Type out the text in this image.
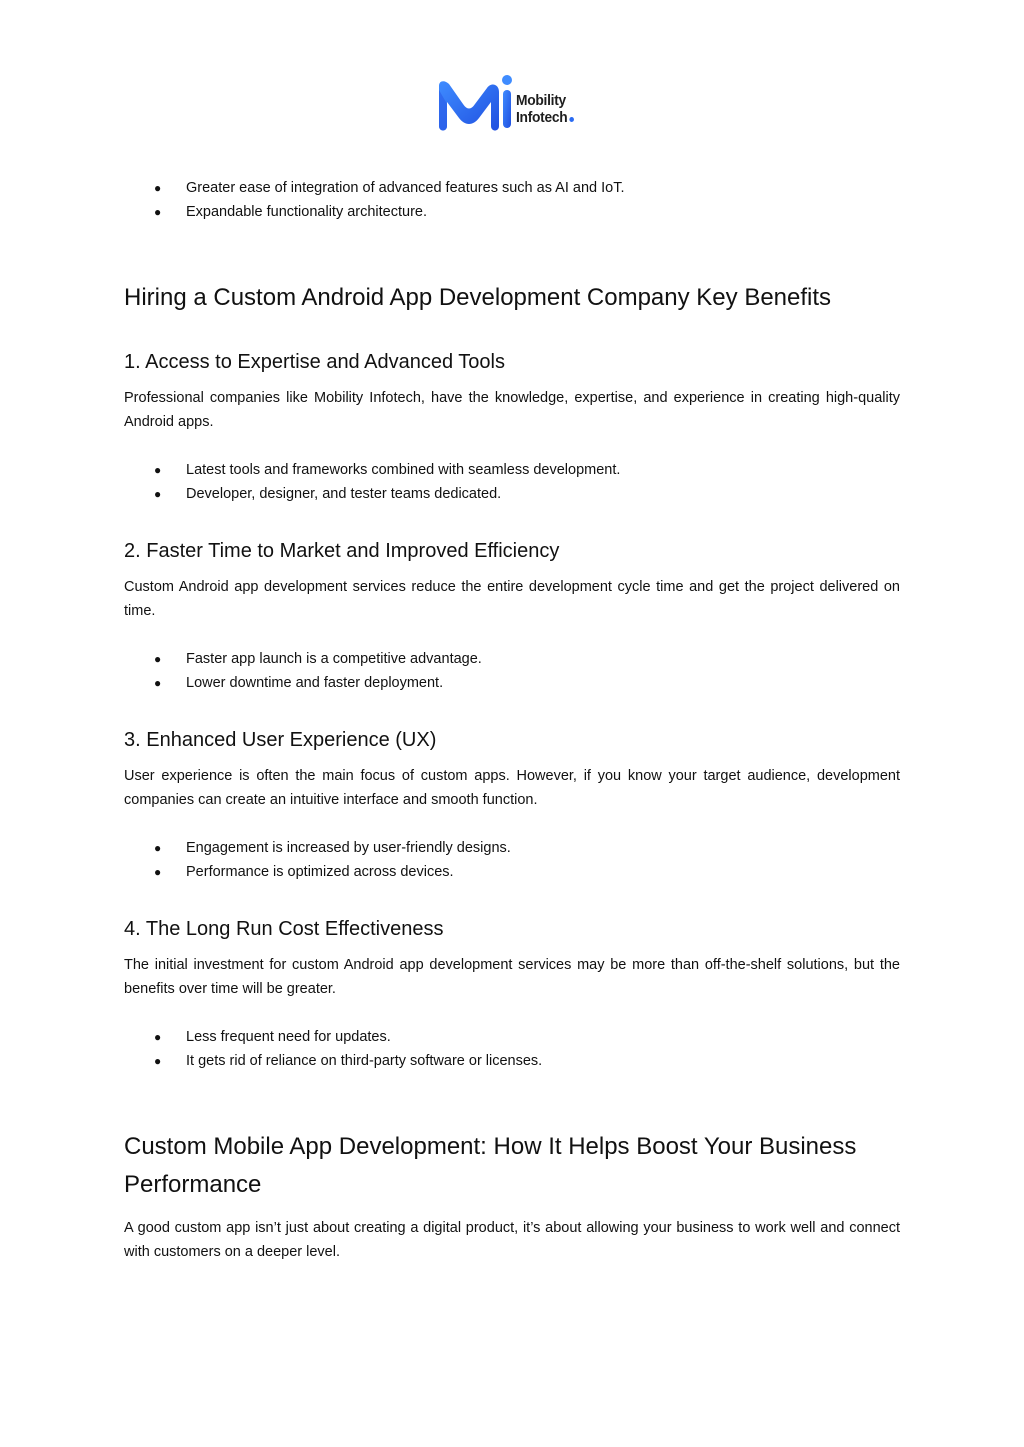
Mobility
Infotech
● Greater ease of integration of advanced features such as AI and IoT.
● Expandable functionality architecture.
Hiring a Custom Android App Development Company Key Benefits
1. Access to Expertise and Advanced Tools

Professional companies like Mobility Infotech, have the knowledge, expertise, and experience in creating high-quality Android apps.

● Latest tools and frameworks combined with seamless development.
● Developer, designer, and tester teams dedicated.
2. Faster Time to Market and Improved Efficiency

Custom Android app development services reduce the entire development cycle time and get the project delivered on time.

● Faster app launch is a competitive advantage.
● Lower downtime and faster deployment.
3. Enhanced User Experience (UX)

User experience is often the main focus of custom apps. However, if you know your target audience, development companies can create an intuitive interface and smooth function.

● Engagement is increased by user-friendly designs.
● Performance is optimized across devices.
4. The Long Run Cost Effectiveness

The initial investment for custom Android app development services may be more than off-the-shelf solutions, but the benefits over time will be greater.

● Less frequent need for updates.
● It gets rid of reliance on third-party software or licenses.
Custom Mobile App Development: How It Helps Boost Your Business Performance

A good custom app isn’t just about creating a digital product, it’s about allowing your business to work well and connect with customers on a deeper level.
